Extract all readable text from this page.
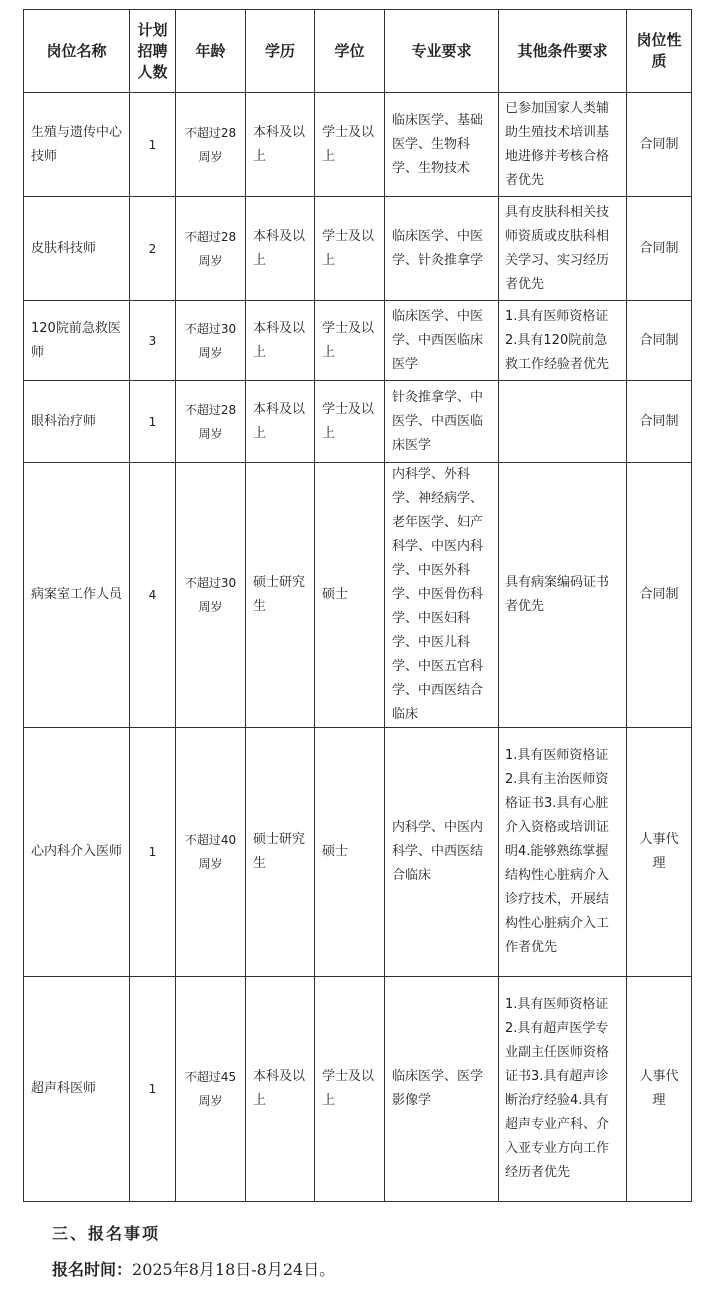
岗位名称	计划招聘人数	年龄	学历	学位	专业要求	其他条件要求	岗位性质
生殖与遗传中心技师	1	不超过28周岁	本科及以上	学士及以上	临床医学、基础医学、生物科学、生物技术	已参加国家人类辅助生殖技术培训基地进修并考核合格者优先	合同制
皮肤科技师	2	不超过28周岁	本科及以上	学士及以上	临床医学、中医学、针灸推拿学	具有皮肤科相关技师资质或皮肤科相关学习、实习经历者优先	合同制
120院前急救医师	3	不超过30周岁	本科及以上	学士及以上	临床医学、中医学、中西医临床医学	1.具有医师资格证2.具有120院前急救工作经验者优先	合同制
眼科治疗师	1	不超过28周岁	本科及以上	学士及以上	针灸推拿学、中医学、中西医临床医学		合同制
病案室工作人员	4	不超过30周岁	硕士研究生	硕士	内科学、外科学、神经病学、老年医学、妇产科学、中医内科学、中医外科学、中医骨伤科学、中医妇科学、中医儿科学、中医五官科学、中西医结合临床	具有病案编码证书者优先	合同制
心内科介入医师	1	不超过40周岁	硕士研究生	硕士	内科学、中医内科学、中西医结合临床	1.具有医师资格证2.具有主治医师资格证书3.具有心脏介入资格或培训证明4.能够熟练掌握结构性心脏病介入诊疗技术，开展结构性心脏病介入工作者优先	人事代理
超声科医师	1	不超过45周岁	本科及以上	学士及以上	临床医学、医学影像学	1.具有医师资格证2.具有超声医学专业副主任医师资格证书3.具有超声诊断治疗经验4.具有超声专业产科、介入亚专业方向工作经历者优先	人事代理
三、报名事项
报名时间：2025年8月18日-8月24日。
